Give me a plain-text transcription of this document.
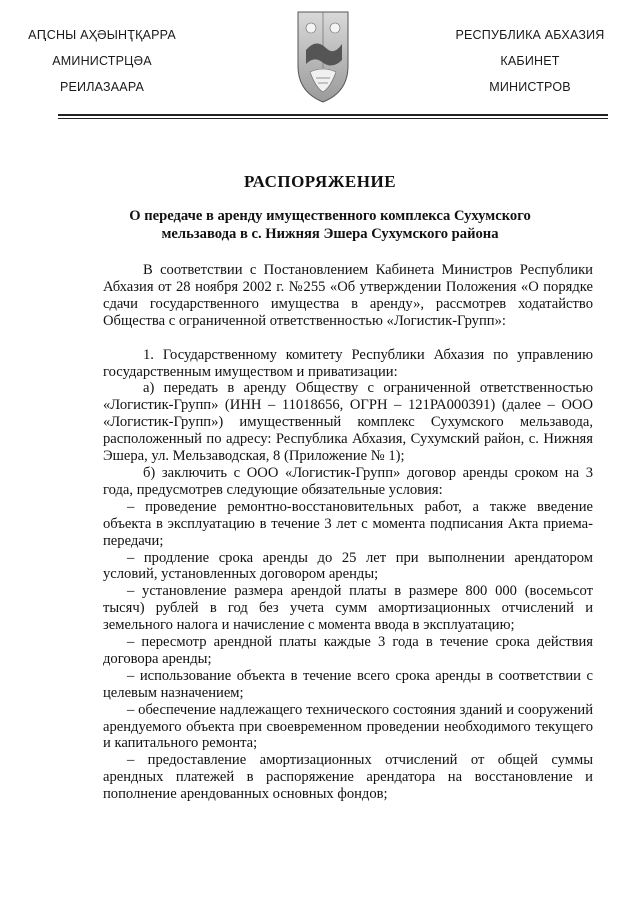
АԤСНЫ АҲӘЫНҬҚАРРА
АМИНИСТРЦӘА
РЕИЛАЗААРА
РЕСПУБЛИКА АБХАЗИЯ
КАБИНЕТ
МИНИСТРОВ
РАСПОРЯЖЕНИЕ
О передаче в аренду имущественного комплекса Сухумского мельзавода в с. Нижняя Эшера Сухумского района

В соответствии с Постановлением Кабинета Министров Республики Абхазия от 28 ноября 2002 г. №255 «Об утверждении Положения «О порядке сдачи государственного имущества в аренду», рассмотрев ходатайство Общества с ограниченной ответственностью «Логистик-Групп»:

1. Государственному комитету Республики Абхазия по управлению государственным имуществом и приватизации:

а) передать в аренду Обществу с ограниченной ответственностью «Логистик-Групп» (ИНН – 11018656, ОГРН – 121РА000391) (далее – ООО «Логистик-Групп») имущественный комплекс Сухумского мельзавода, расположенный по адресу: Республика Абхазия, Сухумский район, с. Нижняя Эшера, ул. Мельзаводская, 8 (Приложение № 1);

б) заключить с ООО «Логистик-Групп» договор аренды сроком на 3 года, предусмотрев следующие обязательные условия:

– проведение ремонтно-восстановительных работ, а также введение объекта в эксплуатацию в течение 3 лет с момента подписания Акта приема-передачи;

– продление срока аренды до 25 лет при выполнении арендатором условий, установленных договором аренды;

– установление размера арендой платы в размере 800 000 (восемьсот тысяч) рублей в год без учета сумм амортизационных отчислений и земельного налога и начисление с момента ввода в эксплуатацию;

– пересмотр арендной платы каждые 3 года в течение срока действия договора аренды;

– использование объекта в течение всего срока аренды в соответствии с целевым назначением;

– обеспечение надлежащего технического состояния зданий и сооружений арендуемого объекта при своевременном проведении необходимого текущего и капитального ремонта;

– предоставление амортизационных отчислений от общей суммы арендных платежей в распоряжение арендатора на восстановление и пополнение арендованных основных фондов;
